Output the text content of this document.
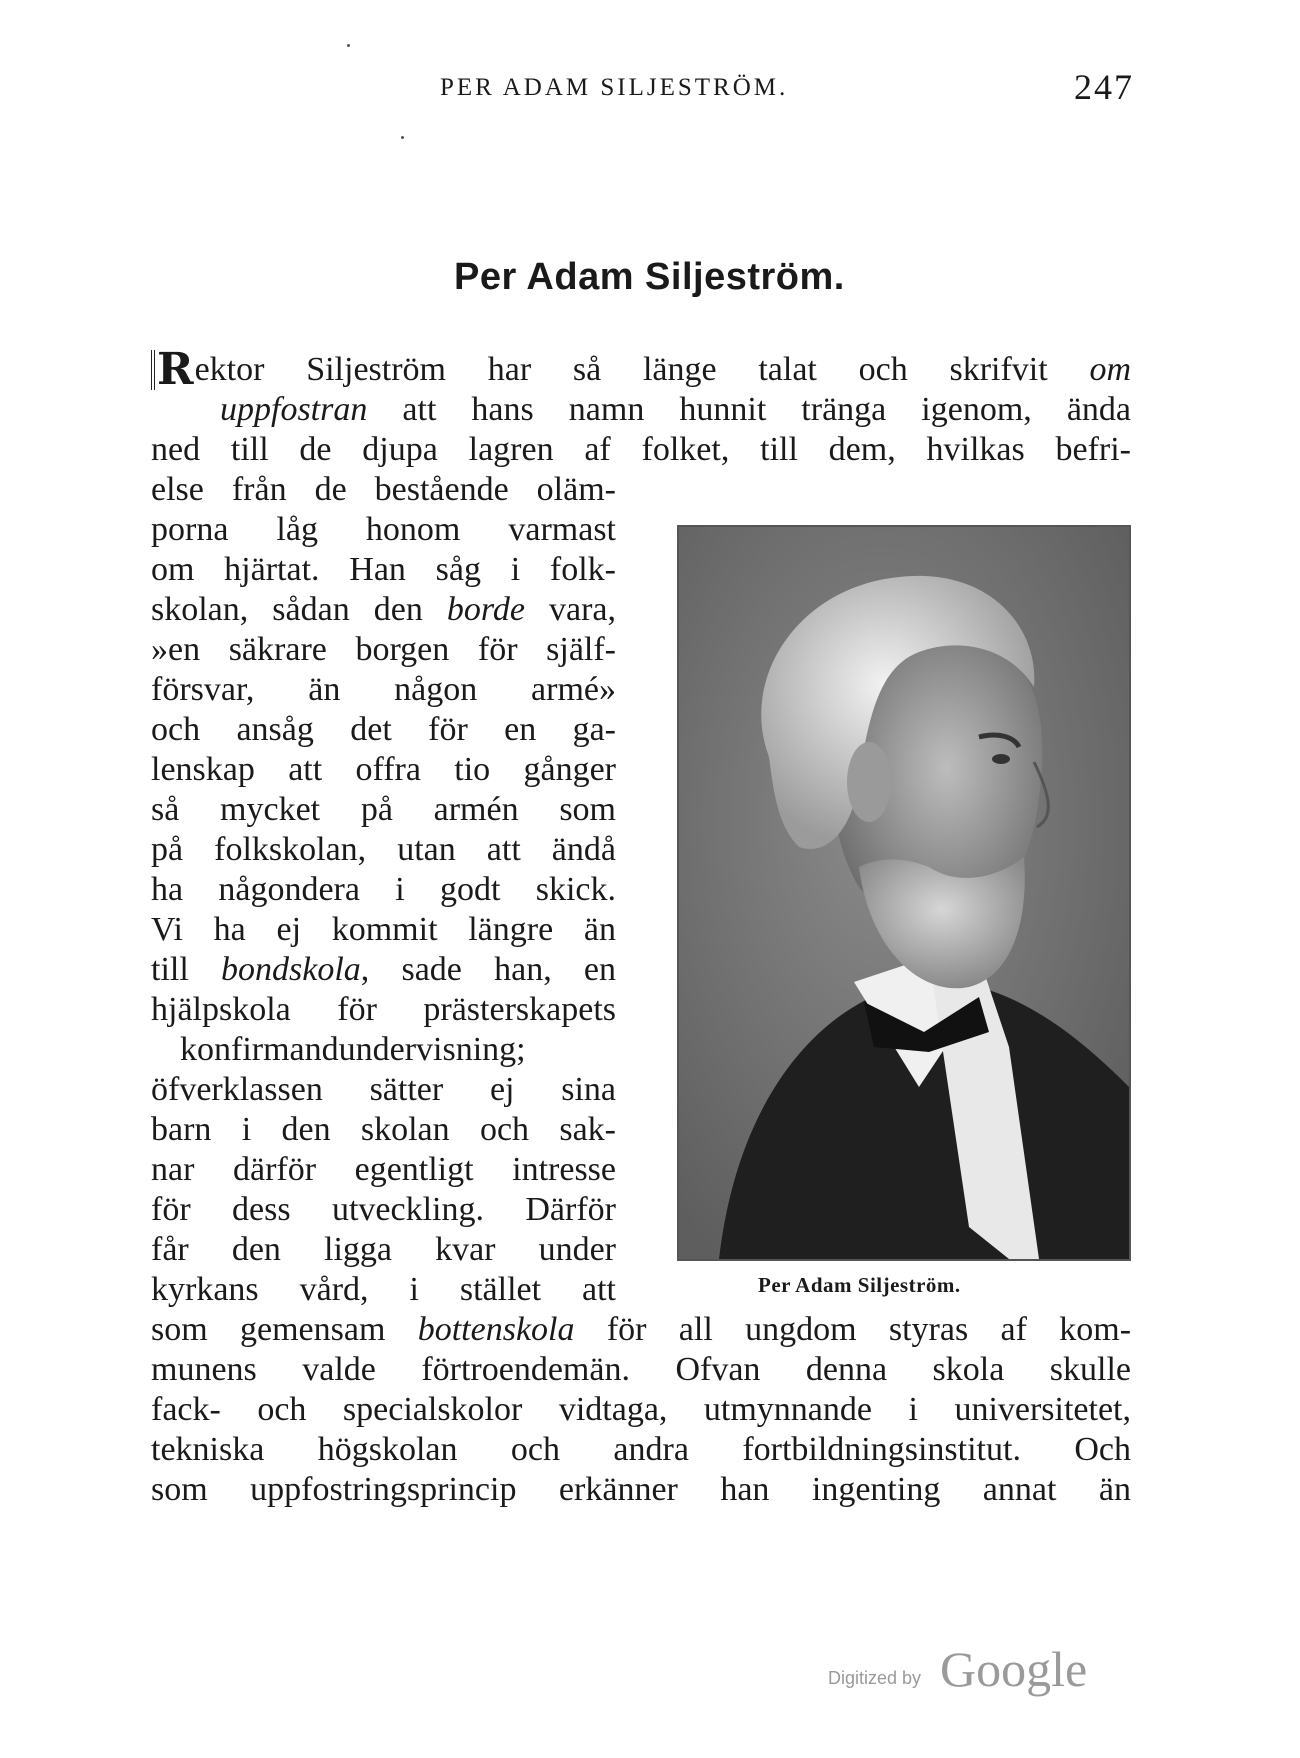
PER ADAM SILJESTRÖM.	247
Per Adam Siljeström.
Rektor Siljeström har så länge talat och skrifvit om
uppfostran att hans namn hunnit tränga igenom, ända
ned till de djupa lagren af folket, till dem, hvilkas befri-
else från de bestående oläm-
porna låg honom varmast
om hjärtat. Han såg i folk-
skolan, sådan den borde vara,
»en säkrare borgen för själf-
försvar, än någon armé»
och ansåg det för en ga-
lenskap att offra tio gånger
så mycket på armén som
på folkskolan, utan att ändå
ha någondera i godt skick.
Vi ha ej kommit längre än
till bondskola, sade han, en
hjälpskola för prästerskapets
konfirmandundervisning;
öfverklassen sätter ej sina
barn i den skolan och sak-
nar därför egentligt intresse
för dess utveckling. Därför
får den ligga kvar under
kyrkans vård, i stället att
som gemensam bottenskola för all ungdom styras af kom-
munens valde förtroendemän. Ofvan denna skola skulle
fack- och specialskolor vidtaga, utmynnande i universitetet,
tekniska högskolan och andra fortbildningsinstitut. Och
som uppfostringsprincip erkänner han ingenting annat än
Per Adam Siljeström.
Digitized by Google
